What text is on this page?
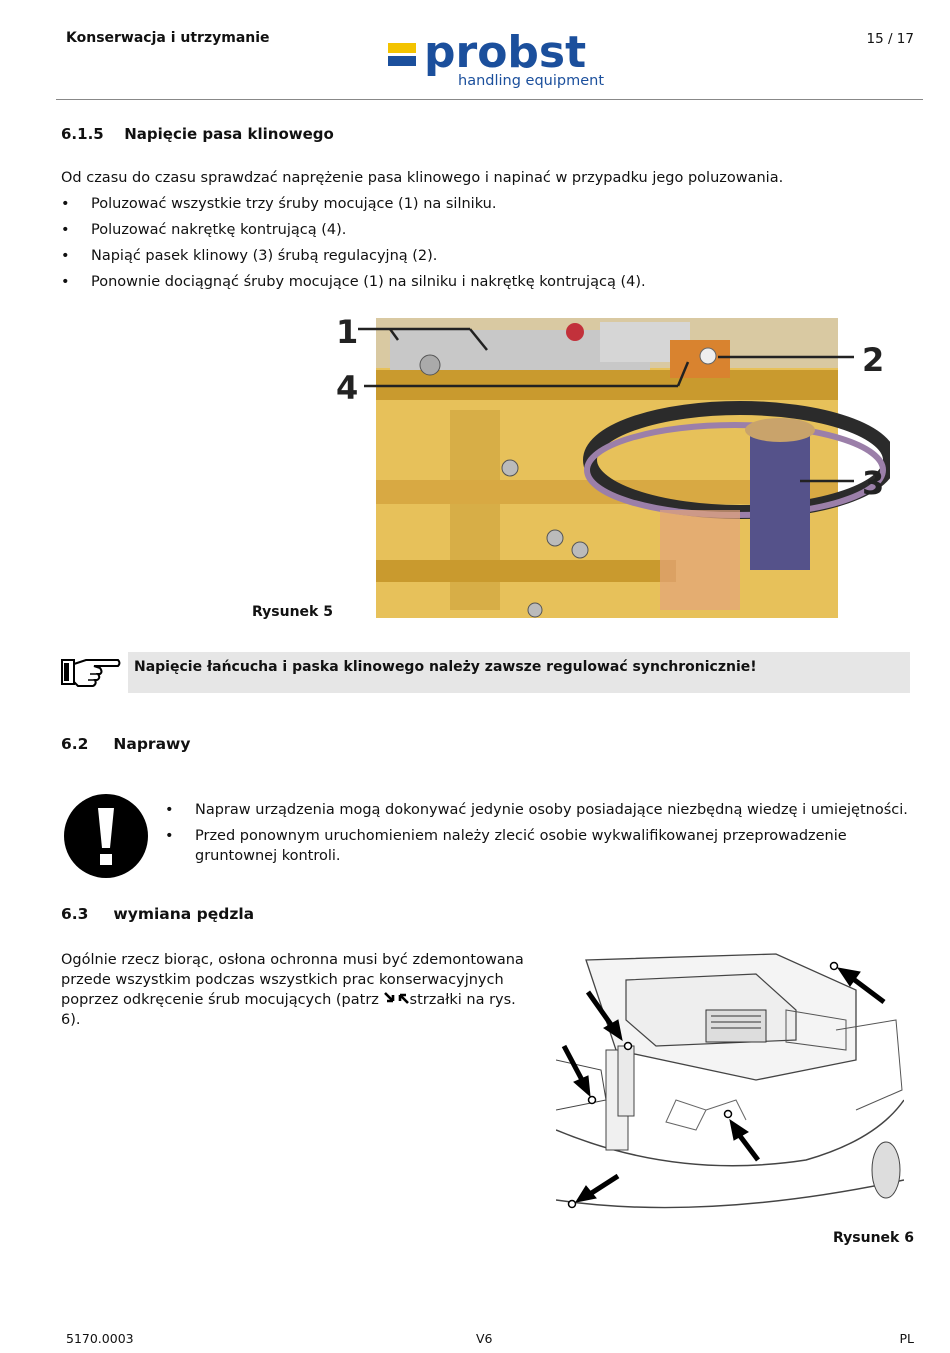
Konserwacja i utrzymanie	15 / 17
probst
handling equipment
6.1.5 Napięcie pasa klinowego
Od czasu do czasu sprawdzać naprężenie pasa klinowego i napinać w przypadku jego poluzowania.
• Poluzować wszystkie trzy śruby mocujące (1) na silniku.
• Poluzować nakrętkę kontrującą (4).
• Napiąć pasek klinowy (3) śrubą regulacyjną (2).
• Ponownie dociągnąć śruby mocujące (1) na silniku i nakrętkę kontrującą (4).
1
2
3
4
Rysunek 5
Napięcie łańcucha i paska klinowego należy zawsze regulować synchronicznie!
6.2 Naprawy
• Napraw urządzenia mogą dokonywać jedynie osoby posiadające niezbędną wiedzę i umiejętności.
• Przed ponownym uruchomieniem należy zlecić osobie wykwalifikowanej przeprowadzenie gruntownej kontroli.
6.3 wymiana pędzla
Ogólnie rzecz biorąc, osłona ochronna musi być zdemontowana przede wszystkim podczas wszystkich prac konserwacyjnych poprzez odkręcenie śrub mocujących (patrz strzałki na rys. 6).
Rysunek 6
5170.0003	V6	PL
